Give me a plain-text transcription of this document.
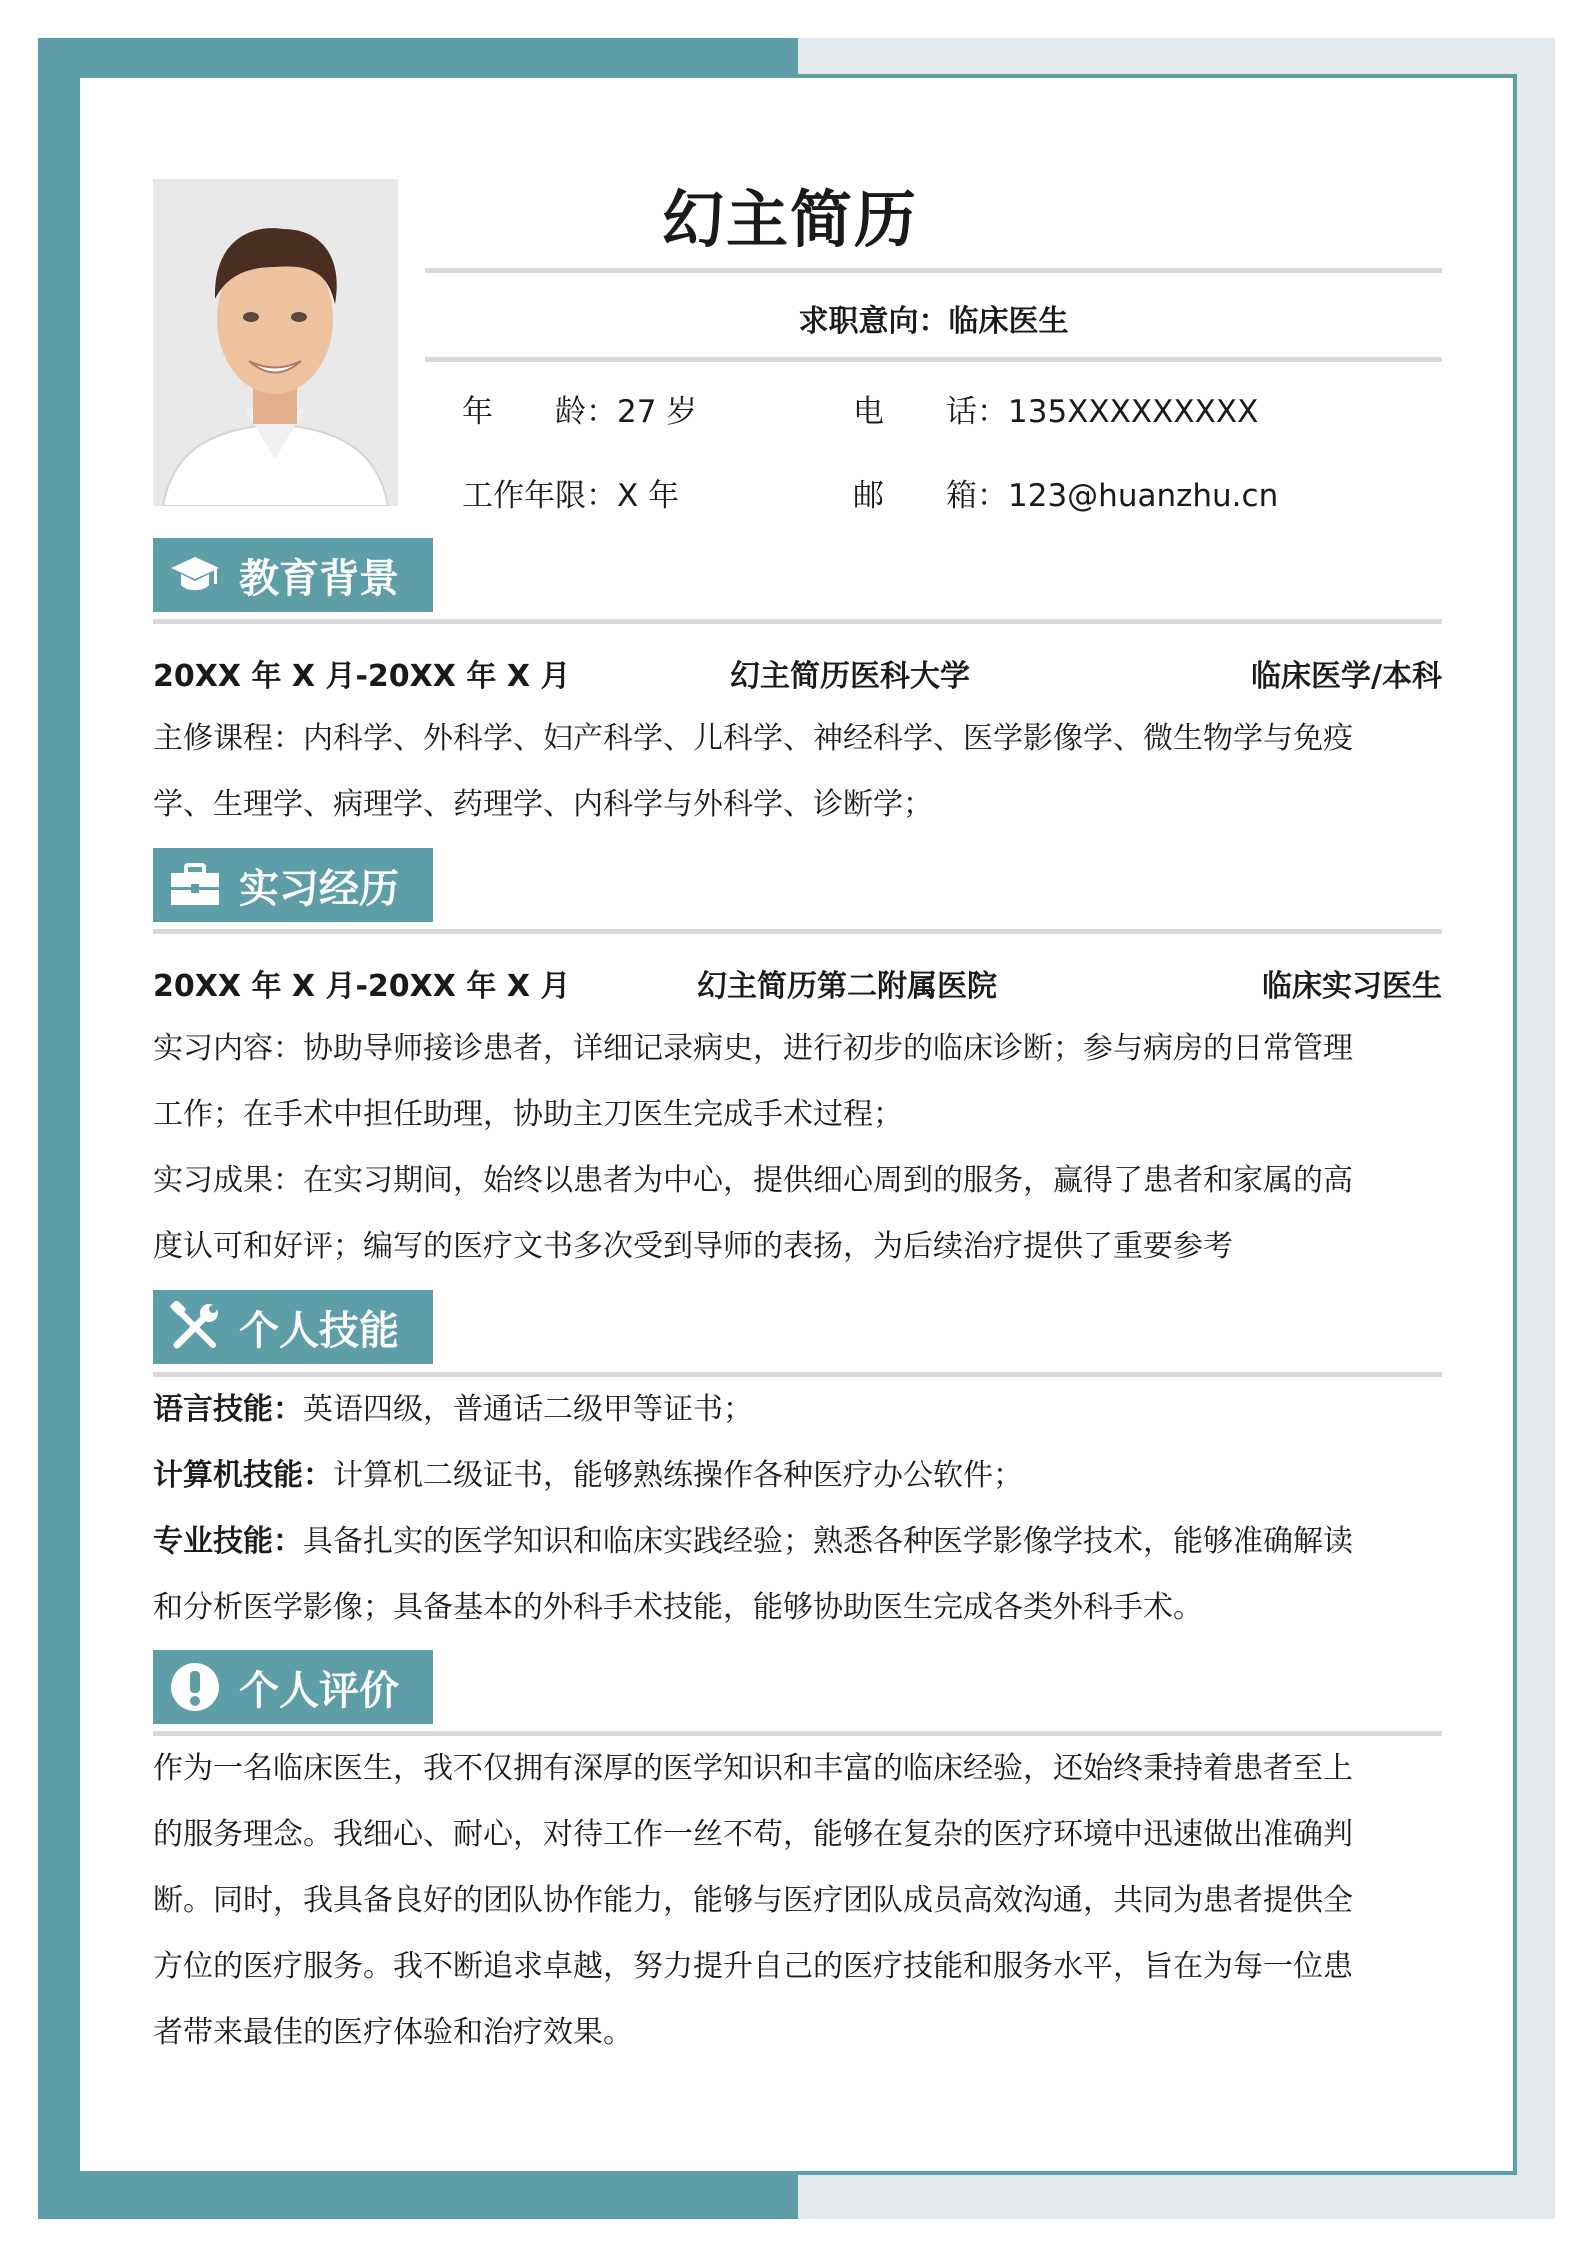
幻主简历
求职意向：临床医生
年　　龄：27 岁	电　　话：135XXXXXXXXX
工作年限：X 年	邮　　箱：123@huanzhu.cn
教育背景
20XX 年 X 月-20XX 年 X 月	幻主简历医科大学	临床医学/本科
主修课程：内科学、外科学、妇产科学、儿科学、神经科学、医学影像学、微生物学与免疫
学、生理学、病理学、药理学、内科学与外科学、诊断学；
实习经历
20XX 年 X 月-20XX 年 X 月	幻主简历第二附属医院	临床实习医生
实习内容：协助导师接诊患者，详细记录病史，进行初步的临床诊断；参与病房的日常管理
工作；在手术中担任助理，协助主刀医生完成手术过程；
实习成果：在实习期间，始终以患者为中心，提供细心周到的服务，赢得了患者和家属的高
度认可和好评；编写的医疗文书多次受到导师的表扬，为后续治疗提供了重要参考
个人技能
语言技能：英语四级，普通话二级甲等证书；
计算机技能：计算机二级证书，能够熟练操作各种医疗办公软件；
专业技能：具备扎实的医学知识和临床实践经验；熟悉各种医学影像学技术，能够准确解读
和分析医学影像；具备基本的外科手术技能，能够协助医生完成各类外科手术。
个人评价
作为一名临床医生，我不仅拥有深厚的医学知识和丰富的临床经验，还始终秉持着患者至上
的服务理念。我细心、耐心，对待工作一丝不苟，能够在复杂的医疗环境中迅速做出准确判
断。同时，我具备良好的团队协作能力，能够与医疗团队成员高效沟通，共同为患者提供全
方位的医疗服务。我不断追求卓越，努力提升自己的医疗技能和服务水平，旨在为每一位患
者带来最佳的医疗体验和治疗效果。
